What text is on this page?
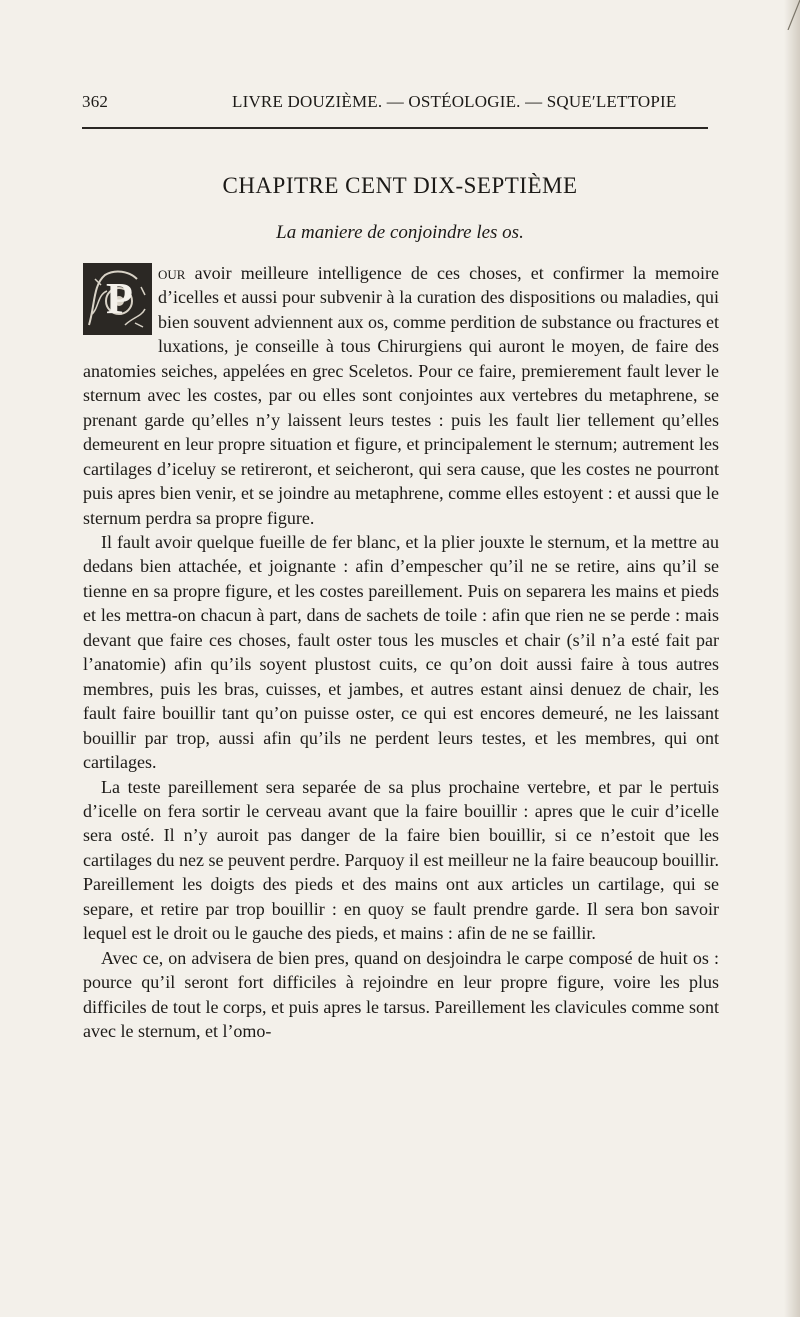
362	LIVRE DOUZIÈME. — OSTÉOLOGIE. — SQUE′LETTOPIE
CHAPITRE CENT DIX-SEPTIÈME
La maniere de conjoindre les os.

P
our avoir meilleure intelligence de ces choses, et confirmer la memoire d’icelles et aussi pour subvenir à la curation des dispositions ou maladies, qui bien souvent adviennent aux os, comme perdition de substance ou fractures et luxations, je conseille à tous Chirurgiens qui auront le moyen, de faire des anatomies seiches, appelées en grec Sceletos. Pour ce faire, premierement fault lever le sternum avec les costes, par ou elles sont conjointes aux vertebres du metaphrene, se prenant garde qu’elles n’y laissent leurs testes : puis les fault lier tellement qu’elles demeurent en leur propre situation et figure, et principalement le sternum; autrement les cartilages d’iceluy se retireront, et seicheront, qui sera cause, que les costes ne pourront puis apres bien venir, et se joindre au metaphrene, comme elles estoyent : et aussi que le sternum perdra sa propre figure.

Il fault avoir quelque fueille de fer blanc, et la plier jouxte le sternum, et la mettre au dedans bien attachée, et joignante : afin d’empescher qu’il ne se retire, ains qu’il se tienne en sa propre figure, et les costes pareillement. Puis on separera les mains et pieds et les mettra-on chacun à part, dans de sachets de toile : afin que rien ne se perde : mais devant que faire ces choses, fault oster tous les muscles et chair (s’il n’a esté fait par l’anatomie) afin qu’ils soyent plustost cuits, ce qu’on doit aussi faire à tous autres membres, puis les bras, cuisses, et jambes, et autres estant ainsi denuez de chair, les fault faire bouillir tant qu’on puisse oster, ce qui est encores demeuré, ne les laissant bouillir par trop, aussi afin qu’ils ne perdent leurs testes, et les membres, qui ont cartilages.

La teste pareillement sera separée de sa plus prochaine vertebre, et par le pertuis d’icelle on fera sortir le cerveau avant que la faire bouillir : apres que le cuir d’icelle sera osté. Il n’y auroit pas danger de la faire bien bouillir, si ce n’estoit que les cartilages du nez se peuvent perdre. Parquoy il est meilleur ne la faire beaucoup bouillir. Pareillement les doigts des pieds et des mains ont aux articles un cartilage, qui se separe, et retire par trop bouillir : en quoy se fault prendre garde. Il sera bon savoir lequel est le droit ou le gauche des pieds, et mains : afin de ne se faillir.

Avec ce, on advisera de bien pres, quand on desjoindra le carpe composé de huit os : pource qu’il seront fort difficiles à rejoindre en leur propre figure, voire les plus difficiles de tout le corps, et puis apres le tarsus. Pareillement les clavicules comme sont avec le sternum, et l’omo-
